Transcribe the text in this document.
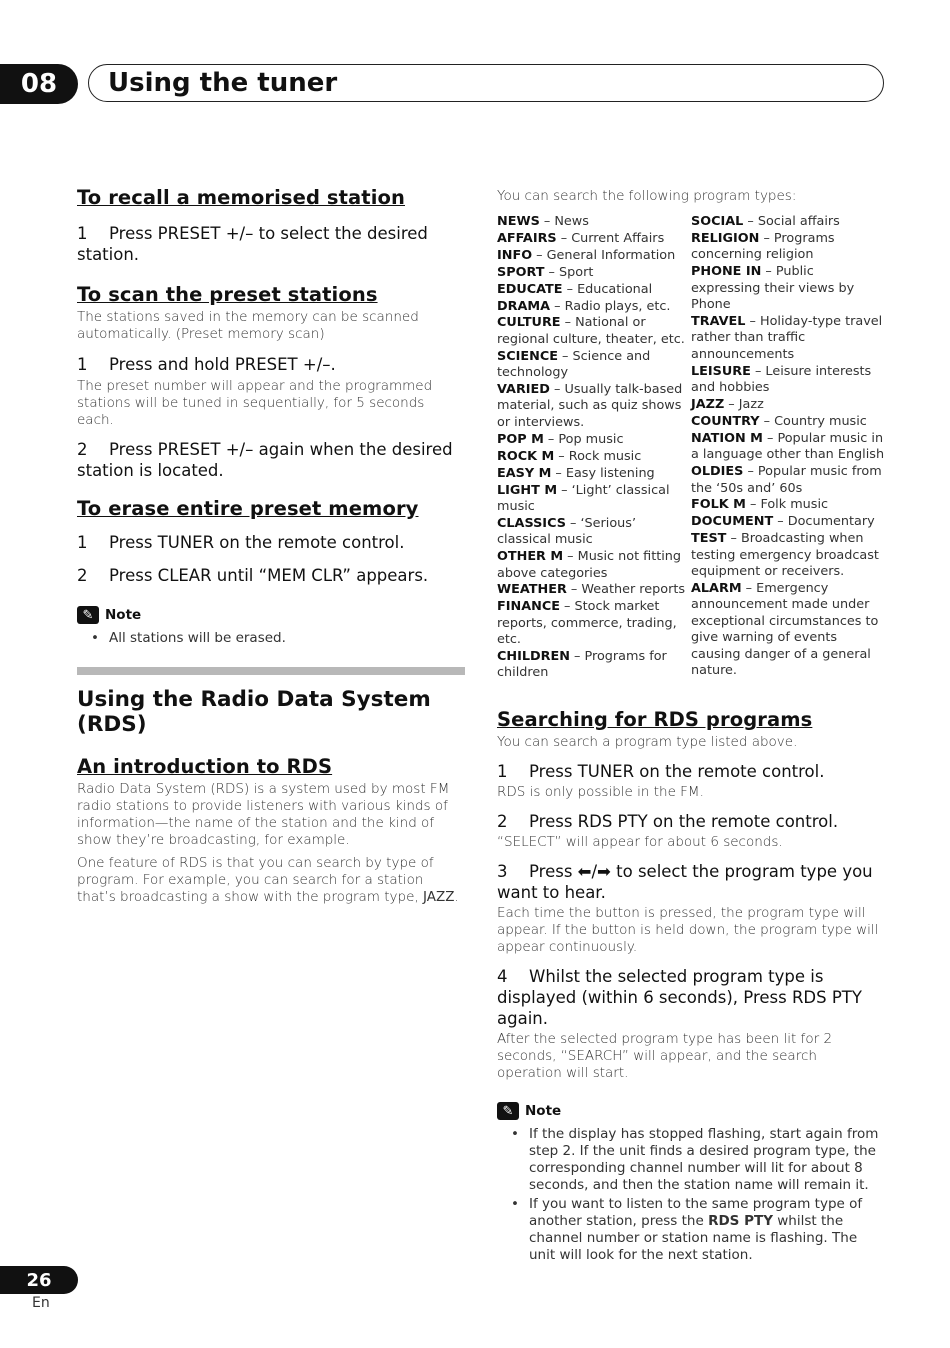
08 Using the tuner
To recall a memorised station

1 Press PRESET +/– to select the desired station.

To scan the preset stations

The stations saved in the memory can be scanned automatically. (Preset memory scan)

1 Press and hold PRESET +/–.

The preset number will appear and the programmed stations will be tuned in sequentially, for 5 seconds each.

2 Press PRESET +/– again when the desired station is located.

To erase entire preset memory

1 Press TUNER on the remote control.

2 Press CLEAR until “MEM CLR” appears.

✎ Note

• All stations will be erased.

Using the Radio Data System (RDS)
An introduction to RDS

Radio Data System (RDS) is a system used by most FM radio stations to provide listeners with various kinds of information—the name of the station and the kind of show they’re broadcasting, for example.

One feature of RDS is that you can search by type of program. For example, you can search for a station that’s broadcasting a show with the program type, JAZZ.

You can search the following program types:

NEWS – News

AFFAIRS – Current Affairs

INFO – General Information

SPORT – Sport

EDUCATE – Educational

DRAMA – Radio plays, etc.

CULTURE – National or regional culture, theater, etc.

SCIENCE – Science and technology

VARIED – Usually talk-based material, such as quiz shows or interviews.

POP M – Pop music

ROCK M – Rock music

EASY M – Easy listening

LIGHT M – ‘Light’ classical music

CLASSICS – ‘Serious’ classical music

OTHER M – Music not fitting above categories

WEATHER – Weather reports

FINANCE – Stock market reports, commerce, trading, etc.

CHILDREN – Programs for children

SOCIAL – Social affairs

RELIGION – Programs concerning religion

PHONE IN – Public expressing their views by Phone

TRAVEL – Holiday-type travel rather than traffic announcements

LEISURE – Leisure interests and hobbies

JAZZ – Jazz

COUNTRY – Country music

NATION M – Popular music in a language other than English

OLDIES – Popular music from the ‘50s and’ 60s

FOLK M – Folk music

DOCUMENT – Documentary

TEST – Broadcasting when testing emergency broadcast equipment or receivers.

ALARM – Emergency announcement made under exceptional circumstances to give warning of events causing danger of a general nature.

Searching for RDS programs

You can search a program type listed above.

1 Press TUNER on the remote control.

RDS is only possible in the FM.

2 Press RDS PTY on the remote control.

“SELECT” will appear for about 6 seconds.

3 Press ⬅/➡ to select the program type you want to hear.

Each time the button is pressed, the program type will appear. If the button is held down, the program type will appear continuously.

4 Whilst the selected program type is displayed (within 6 seconds), Press RDS PTY again.

After the selected program type has been lit for 2 seconds, “SEARCH” will appear, and the search operation will start.

✎ Note

• If the display has stopped flashing, start again from step 2. If the unit finds a desired program type, the corresponding channel number will lit for about 8 seconds, and then the station name will remain it.

• If you want to listen to the same program type of another station, press the RDS PTY whilst the channel number or station name is flashing. The unit will look for the next station.

26
En
